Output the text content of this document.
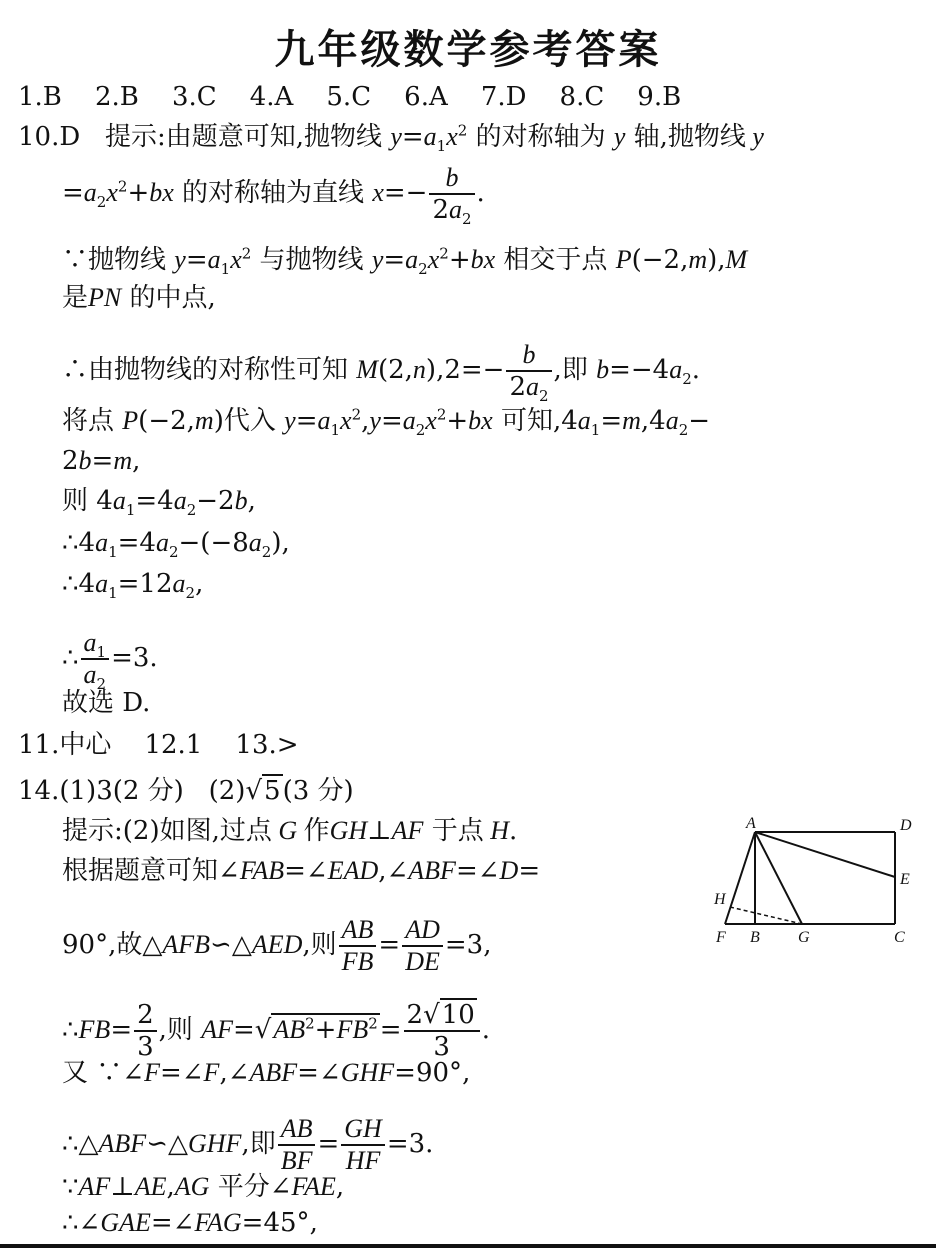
九年级数学参考答案
1.B 2.B 3.C 4.A 5.C 6.A 7.D 8.C 9.B
10.D 提示:由题意可知,抛物线 $y=a_1x^2$ 的对称轴为 y 轴,抛物线 y
$=a_2x^2+bx$ 的对称轴为直线 $x=- \frac{b}{2a_2}$ .
∵抛物线 $y=a_1x^2$ 与抛物线 $y=a_2x^2+bx$ 相交于点 P(−2,m),M
是PN 的中点,
∴由抛物线的对称性可知 $M(2,n),2=- \frac{b}{2a_2}$ ,即 $b=-4a_2$.
将点 P(−2,m)代入 $y=a_1x^2,y=a_2x^2+bx$ 可知$,4a_1=m,4a_2-$
2b=m,
则 $4a_1=4a_2-2b$,
$\therefore 4a_1=4a_2-(-8a_2)$,
$\therefore 4a_1=12a_2$,
∴ $\frac{a_1}{a_2} =3$.
故选 D.
11.中心 12.1 13.>
14.(1)3(2 分) (2)√5(3 分)
提示:(2)如图,过点 G 作GH⊥AF 于点 H.
根据题意可知∠FAB=∠EAD,∠ABF=∠D=
90°,故△AFB∽△AED,则 $\frac{AB}{FB} = \frac{AD}{DE} =3$,
∴FB= $\frac{2}{3}$ ,则 $AF=√AB^2+FB^2= \frac{2√10}{3}$ .
又 ∵∠F=∠F,∠ABF=∠GHF=90°,
∴△ABF∽△GHF,即 $\frac{AB}{BF} = \frac{GH}{HF} =3$.
∵AF⊥AE,AG 平分∠FAE,
∴∠GAE=∠FAG=45°,
A	D
E
H
F B G	C
